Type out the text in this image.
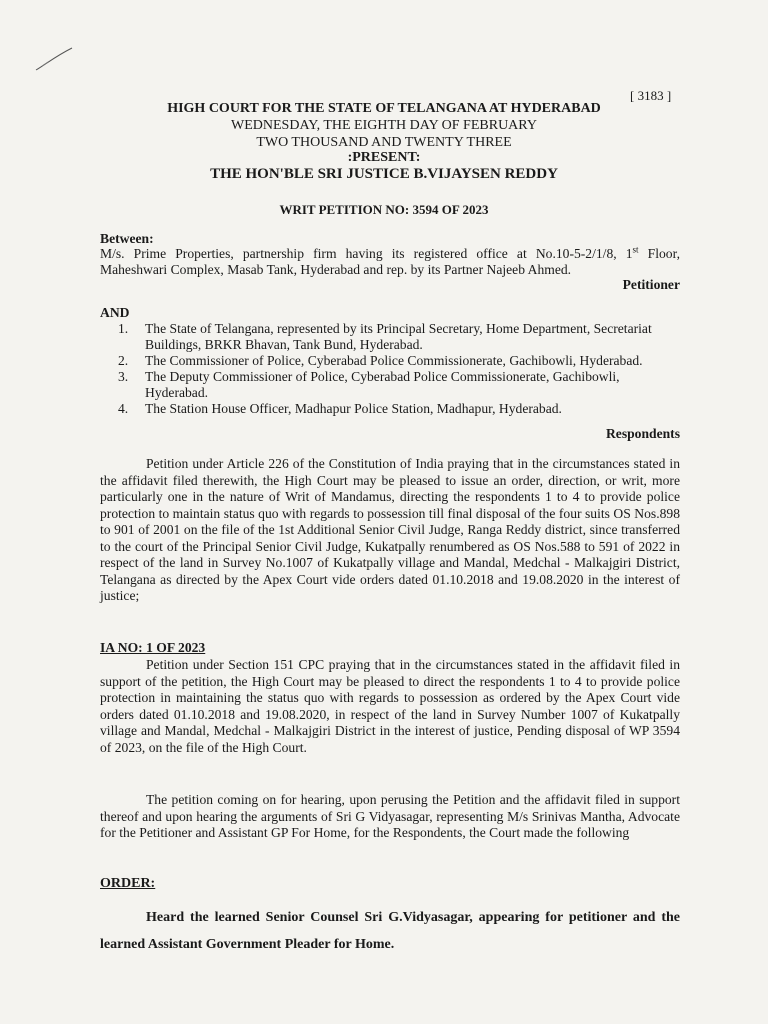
[ 3183 ]
HIGH COURT FOR THE STATE OF TELANGANA AT HYDERABAD
WEDNESDAY, THE EIGHTH DAY OF FEBRUARY
TWO THOUSAND AND TWENTY THREE
:PRESENT:
THE HON'BLE SRI JUSTICE B.VIJAYSEN REDDY
WRIT PETITION NO: 3594 OF 2023
Between:
M/s. Prime Properties, partnership firm having its registered office at No.10-5-2/1/8, 1st Floor, Maheshwari Complex, Masab Tank, Hyderabad and rep. by its Partner Najeeb Ahmed.
Petitioner
AND
1.	The State of Telangana, represented by its Principal Secretary, Home Department, Secretariat Buildings, BRKR Bhavan, Tank Bund, Hyderabad.
2.	The Commissioner of Police, Cyberabad Police Commissionerate, Gachibowli, Hyderabad.
3.	The Deputy Commissioner of Police, Cyberabad Police Commissionerate, Gachibowli, Hyderabad.
4.	The Station House Officer, Madhapur Police Station, Madhapur, Hyderabad.
Respondents
Petition under Article 226 of the Constitution of India praying that in the circumstances stated in the affidavit filed therewith, the High Court may be pleased to issue an order, direction, or writ, more particularly one in the nature of Writ of Mandamus, directing the respondents 1 to 4 to provide police protection to maintain status quo with regards to possession till final disposal of the four suits OS Nos.898 to 901 of 2001 on the file of the 1st Additional Senior Civil Judge, Ranga Reddy district, since transferred to the court of the Principal Senior Civil Judge, Kukatpally renumbered as OS Nos.588 to 591 of 2022 in respect of the land in Survey No.1007 of Kukatpally village and Mandal, Medchal - Malkajgiri District, Telangana as directed by the Apex Court vide orders dated 01.10.2018 and 19.08.2020 in the interest of justice;
IA NO: 1 OF 2023
Petition under Section 151 CPC praying that in the circumstances stated in the affidavit filed in support of the petition, the High Court may be pleased to direct the respondents 1 to 4 to provide police protection in maintaining the status quo with regards to possession as ordered by the Apex Court vide orders dated 01.10.2018 and 19.08.2020, in respect of the land in Survey Number 1007 of Kukatpally village and Mandal, Medchal - Malkajgiri District in the interest of justice, Pending disposal of WP 3594 of 2023, on the file of the High Court.
The petition coming on for hearing, upon perusing the Petition and the affidavit filed in support thereof and upon hearing the arguments of Sri G Vidyasagar, representing M/s Srinivas Mantha, Advocate for the Petitioner and Assistant GP For Home, for the Respondents, the Court made the following
ORDER:
Heard the learned Senior Counsel Sri G.Vidyasagar, appearing for petitioner and the learned Assistant Government Pleader for Home.
